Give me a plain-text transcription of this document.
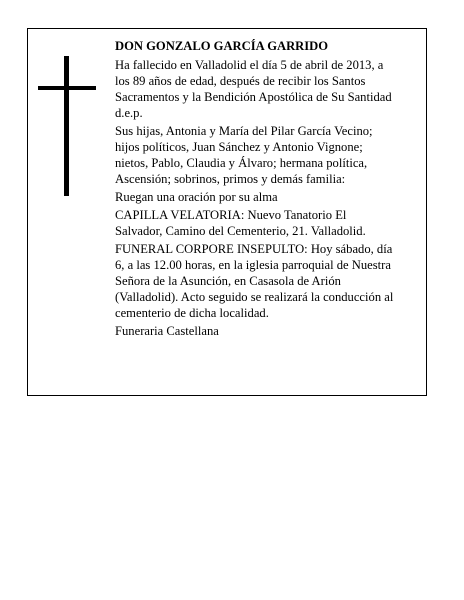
DON GONZALO GARCÍA GARRIDO

Ha fallecido en Valladolid el día 5 de abril de 2013, a
los 89 años de edad, después de recibir los Santos
Sacramentos y la Bendición Apostólica de Su Santidad
d.e.p.

Sus hijas, Antonia y María del Pilar García Vecino;
hijos políticos, Juan Sánchez y Antonio Vignone;
nietos, Pablo, Claudia y Álvaro; hermana política,
Ascensión; sobrinos, primos y demás familia:

Ruegan una oración por su alma

CAPILLA VELATORIA: Nuevo Tanatorio El
Salvador, Camino del Cementerio, 21. Valladolid.

FUNERAL CORPORE INSEPULTO: Hoy sábado, día
6, a las 12.00 horas, en la iglesia parroquial de Nuestra
Señora de la Asunción, en Casasola de Arión
(Valladolid). Acto seguido se realizará la conducción al
cementerio de dicha localidad.

Funeraria Castellana
